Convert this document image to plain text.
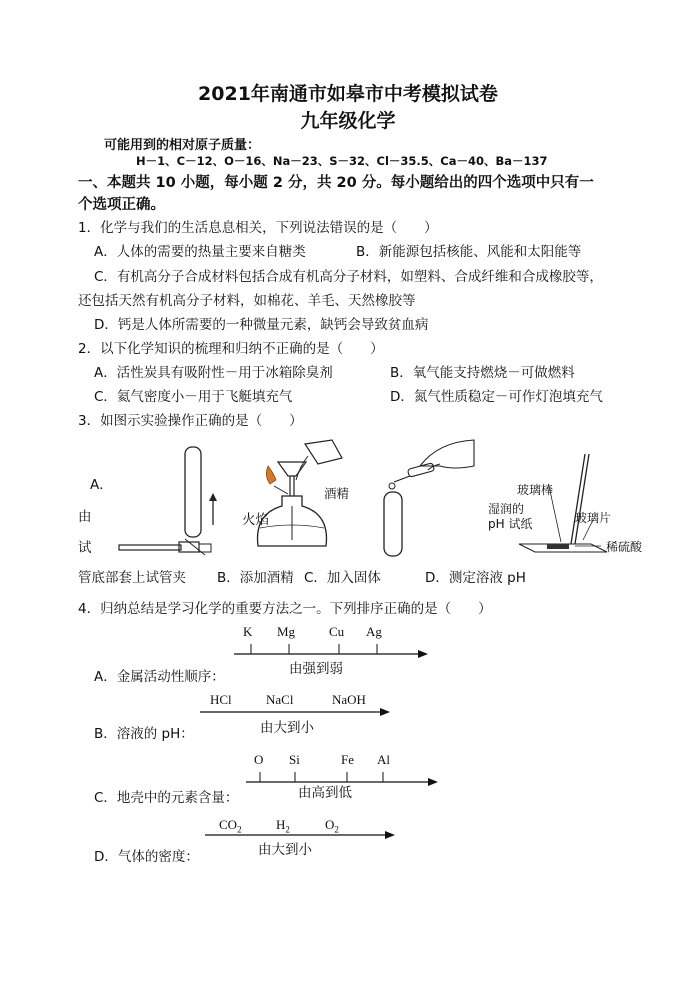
2021年南通市如皋市中考模拟试卷
九年级化学
可能用到的相对原子质量：
H－1、C－12、O－16、Na－23、S－32、Cl－35.5、Ca－40、Ba－137
一、本题共 10 小题，每小题 2 分，共 20 分。每小题给出的四个选项中只有一
个选项正确。
1．化学与我们的生活息息相关，下列说法错误的是（　　）
A．人体的需要的热量主要来自糖类	B．新能源包括核能、风能和太阳能等
C．有机高分子合成材料包括合成有机高分子材料，如塑料、合成纤维和合成橡胶等，
还包括天然有机高分子材料，如棉花、羊毛、天然橡胶等
D．钙是人体所需要的一种微量元素，缺钙会导致贫血病
2．以下化学知识的梳理和归纳不正确的是（　　）
A．活性炭具有吸附性－用于冰箱除臭剂	B．氧气能支持燃烧－可做燃料
C．氦气密度小－用于飞艇填充气	D．氮气性质稳定－可作灯泡填充气
3．如图示实验操作正确的是（　　）
A．
由
试
火焰
酒精	玻璃棒
湿润的
pH 试纸	玻璃片
稀硫酸
管底部套上试管夹 B．添加酒精 C．加入固体	D．测定溶液 pH
4．归纳总结是学习化学的重要方法之一。下列排序正确的是（　　）
K Mg	Cu Ag
由强到弱
A．金属活动性顺序：
HCl	NaCl	NaOH
由大到小
B．溶液的 pH：
O Si	Fe Al
由高到低
C．地壳中的元素含量：
$CO_2$	$H_2$	$O_2$
由大到小
D．气体的密度：
